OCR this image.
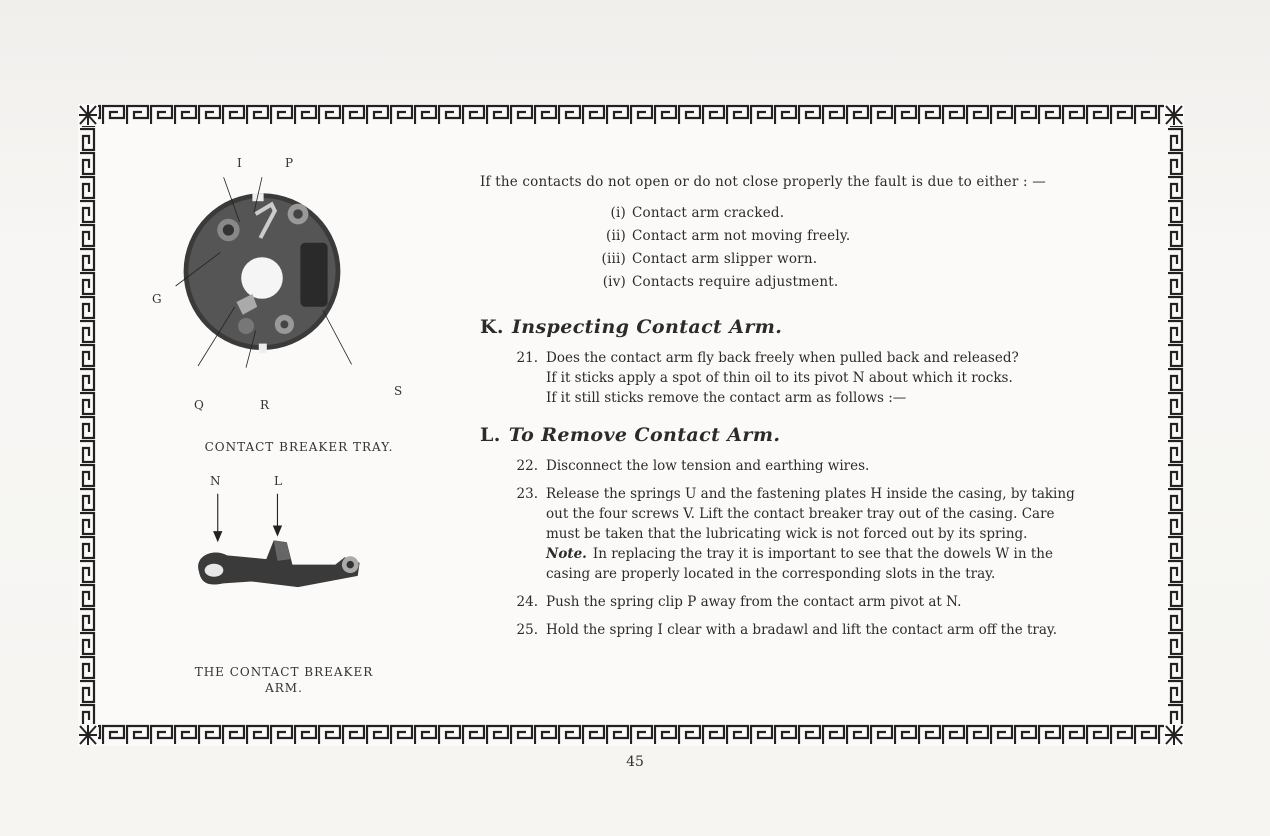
I	P
G
Q	R
S
CONTACT BREAKER TRAY.
N	L
THE CONTACT BREAKER
ARM.

If the contacts do not open or do not close properly the fault is due to either : —

(i) Contact arm cracked.
(ii) Contact arm not moving freely.
(iii) Contact arm slipper worn.
(iv) Contacts require adjustment.
K. Inspecting Contact Arm.
21. Does the contact arm fly back freely when pulled back and released?
If it sticks apply a spot of thin oil to its pivot N about which it rocks.
If it still sticks remove the contact arm as follows :—
L. To Remove Contact Arm.
22. Disconnect the low tension and earthing wires.
23. Release the springs U and the fastening plates H inside the casing, by taking
out the four screws V. Lift the contact breaker tray out of the casing. Care
must be taken that the lubricating wick is not forced out by its spring.
Note. In replacing the tray it is important to see that the dowels W in the
casing are properly located in the corresponding slots in the tray.
24. Push the spring clip P away from the contact arm pivot at N.
25. Hold the spring I clear with a bradawl and lift the contact arm off the tray.
45
